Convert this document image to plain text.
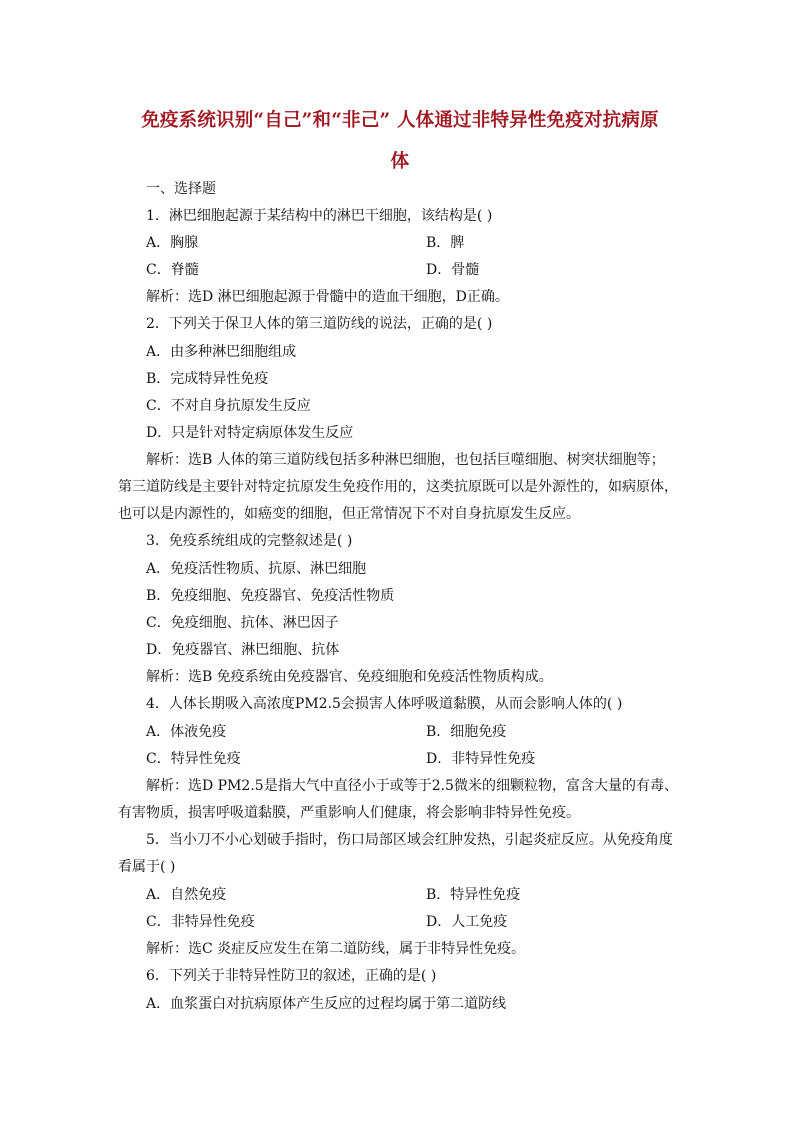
免疫系统识别“自己”和“非己” 人体通过非特异性免疫对抗病原
体
一、选择题
1．淋巴细胞起源于某结构中的淋巴干细胞，该结构是( )
A．胸腺	B．脾
C．脊髓	D．骨髓
解析：选D 淋巴细胞起源于骨髓中的造血干细胞，D正确。
2．下列关于保卫人体的第三道防线的说法，正确的是( )
A．由多种淋巴细胞组成
B．完成特异性免疫
C．不对自身抗原发生反应
D．只是针对特定病原体发生反应
解析：选B 人体的第三道防线包括多种淋巴细胞，也包括巨噬细胞、树突状细胞等；
第三道防线是主要针对特定抗原发生免疫作用的，这类抗原既可以是外源性的，如病原体，
也可以是内源性的，如癌变的细胞，但正常情况下不对自身抗原发生反应。
3．免疫系统组成的完整叙述是( )
A．免疫活性物质、抗原、淋巴细胞
B．免疫细胞、免疫器官、免疫活性物质
C．免疫细胞、抗体、淋巴因子
D．免疫器官、淋巴细胞、抗体
解析：选B 免疫系统由免疫器官、免疫细胞和免疫活性物质构成。
4．人体长期吸入高浓度PM2.5会损害人体呼吸道黏膜，从而会影响人体的( )
A．体液免疫	B．细胞免疫
C．特异性免疫	D．非特异性免疫
解析：选D PM2.5是指大气中直径小于或等于2.5微米的细颗粒物，富含大量的有毒、
有害物质，损害呼吸道黏膜，严重影响人们健康，将会影响非特异性免疫。
5．当小刀不小心划破手指时，伤口局部区域会红肿发热，引起炎症反应。从免疫角度
看属于( )
A．自然免疫	B．特异性免疫
C．非特异性免疫	D．人工免疫
解析：选C 炎症反应发生在第二道防线，属于非特异性免疫。
6．下列关于非特异性防卫的叙述，正确的是( )
A．血浆蛋白对抗病原体产生反应的过程均属于第二道防线
